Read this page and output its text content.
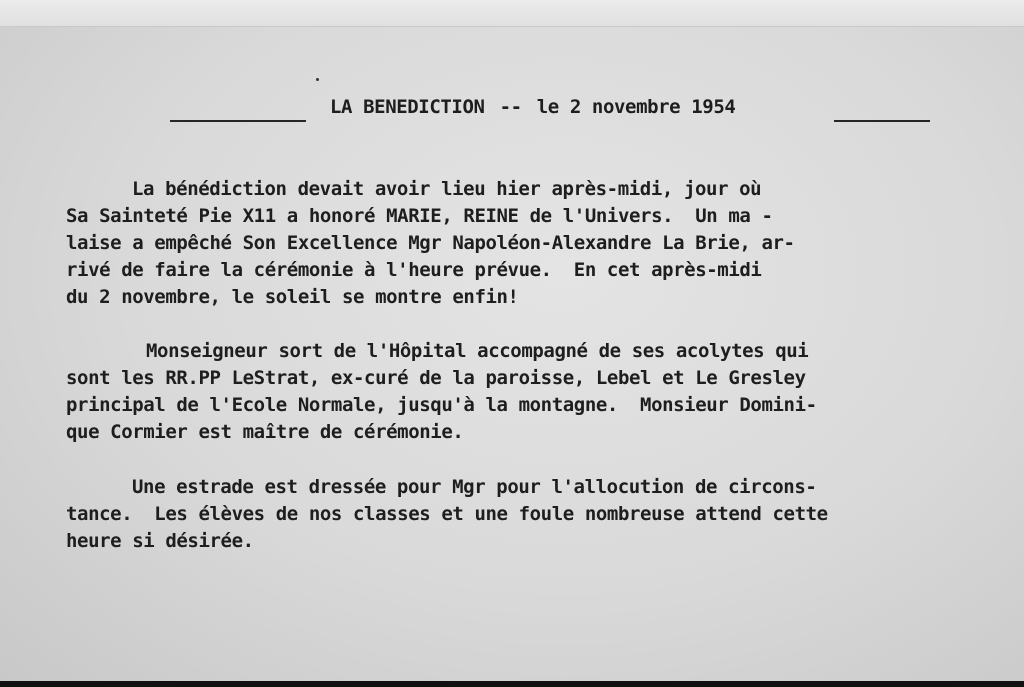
LA BENEDICTION -- le 2 novembre 1954
La bénédiction devait avoir lieu hier après-midi, jour où
Sa Sainteté Pie X11 a honoré MARIE, REINE de l'Univers.  Un ma -
laise a empêché Son Excellence Mgr Napoléon-Alexandre La Brie, ar-
rivé de faire la cérémonie à l'heure prévue.  En cet après-midi
du 2 novembre, le soleil se montre enfin!
Monseigneur sort de l'Hôpital accompagné de ses acolytes qui
sont les RR.PP LeStrat, ex-curé de la paroisse, Lebel et Le Gresley
principal de l'Ecole Normale, jusqu'à la montagne.  Monsieur Domini-
que Cormier est maître de cérémonie.
Une estrade est dressée pour Mgr pour l'allocution de circons-
tance.  Les élèves de nos classes et une foule nombreuse attend cette
heure si désirée.
